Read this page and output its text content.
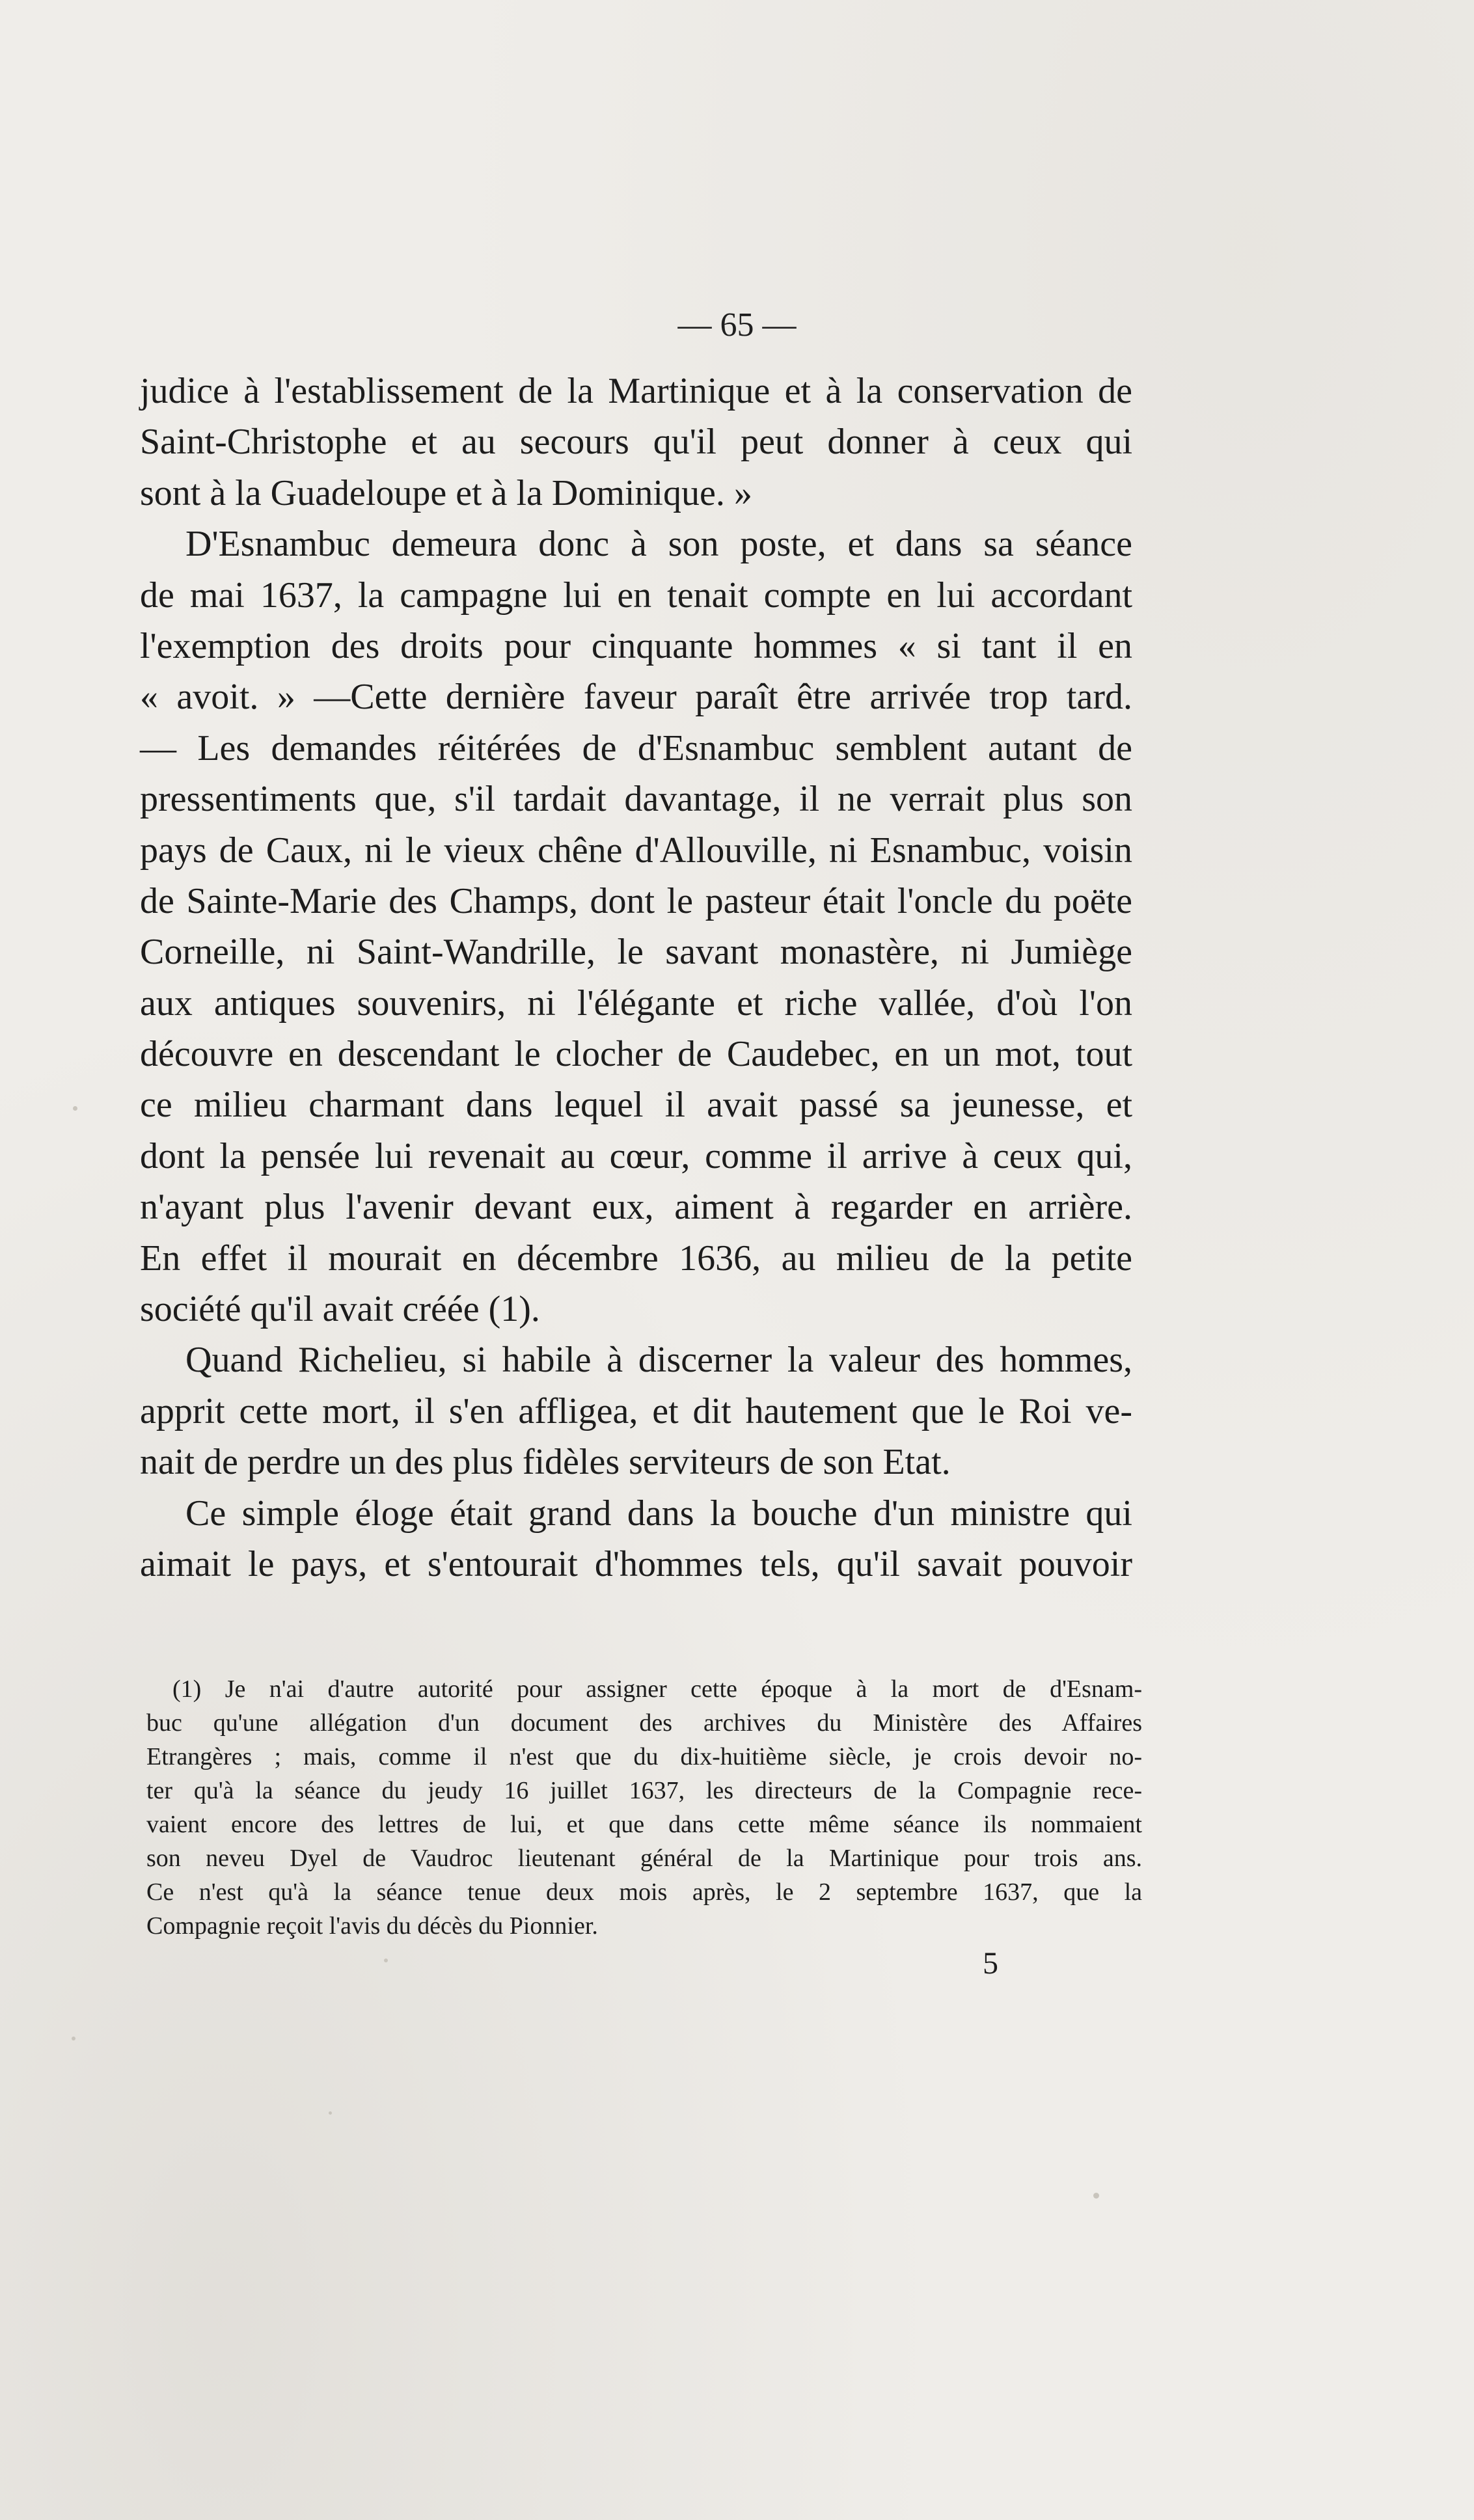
— 65 —
judice à l'establissement de la Martinique et à la conservation de
Saint-Christophe et au secours qu'il peut donner à ceux qui
sont à la Guadeloupe et à la Dominique. »
D'Esnambuc demeura donc à son poste, et dans sa séance
de mai 1637, la campagne lui en tenait compte en lui accordant
l'exemption des droits pour cinquante hommes « si tant il en
« avoit. » —Cette dernière faveur paraît être arrivée trop tard.
— Les demandes réitérées de d'Esnambuc semblent autant de
pressentiments que, s'il tardait davantage, il ne verrait plus son
pays de Caux, ni le vieux chêne d'Allouville, ni Esnambuc, voisin
de Sainte-Marie des Champs, dont le pasteur était l'oncle du poëte
Corneille, ni Saint-Wandrille, le savant monastère, ni Jumiège
aux antiques souvenirs, ni l'élégante et riche vallée, d'où l'on
découvre en descendant le clocher de Caudebec, en un mot, tout
ce milieu charmant dans lequel il avait passé sa jeunesse, et
dont la pensée lui revenait au cœur, comme il arrive à ceux qui,
n'ayant plus l'avenir devant eux, aiment à regarder en arrière.
En effet il mourait en décembre 1636, au milieu de la petite
société qu'il avait créée (1).
Quand Richelieu, si habile à discerner la valeur des hommes,
apprit cette mort, il s'en affligea, et dit hautement que le Roi ve-
nait de perdre un des plus fidèles serviteurs de son Etat.
Ce simple éloge était grand dans la bouche d'un ministre qui
aimait le pays, et s'entourait d'hommes tels, qu'il savait pouvoir
(1) Je n'ai d'autre autorité pour assigner cette époque à la mort de d'Esnam-
buc qu'une allégation d'un document des archives du Ministère des Affaires
Etrangères ; mais, comme il n'est que du dix-huitième siècle, je crois devoir no-
ter qu'à la séance du jeudy 16 juillet 1637, les directeurs de la Compagnie rece-
vaient encore des lettres de lui, et que dans cette même séance ils nommaient
son neveu Dyel de Vaudroc lieutenant général de la Martinique pour trois ans.
Ce n'est qu'à la séance tenue deux mois après, le 2 septembre 1637, que la
Compagnie reçoit l'avis du décès du Pionnier.
5
